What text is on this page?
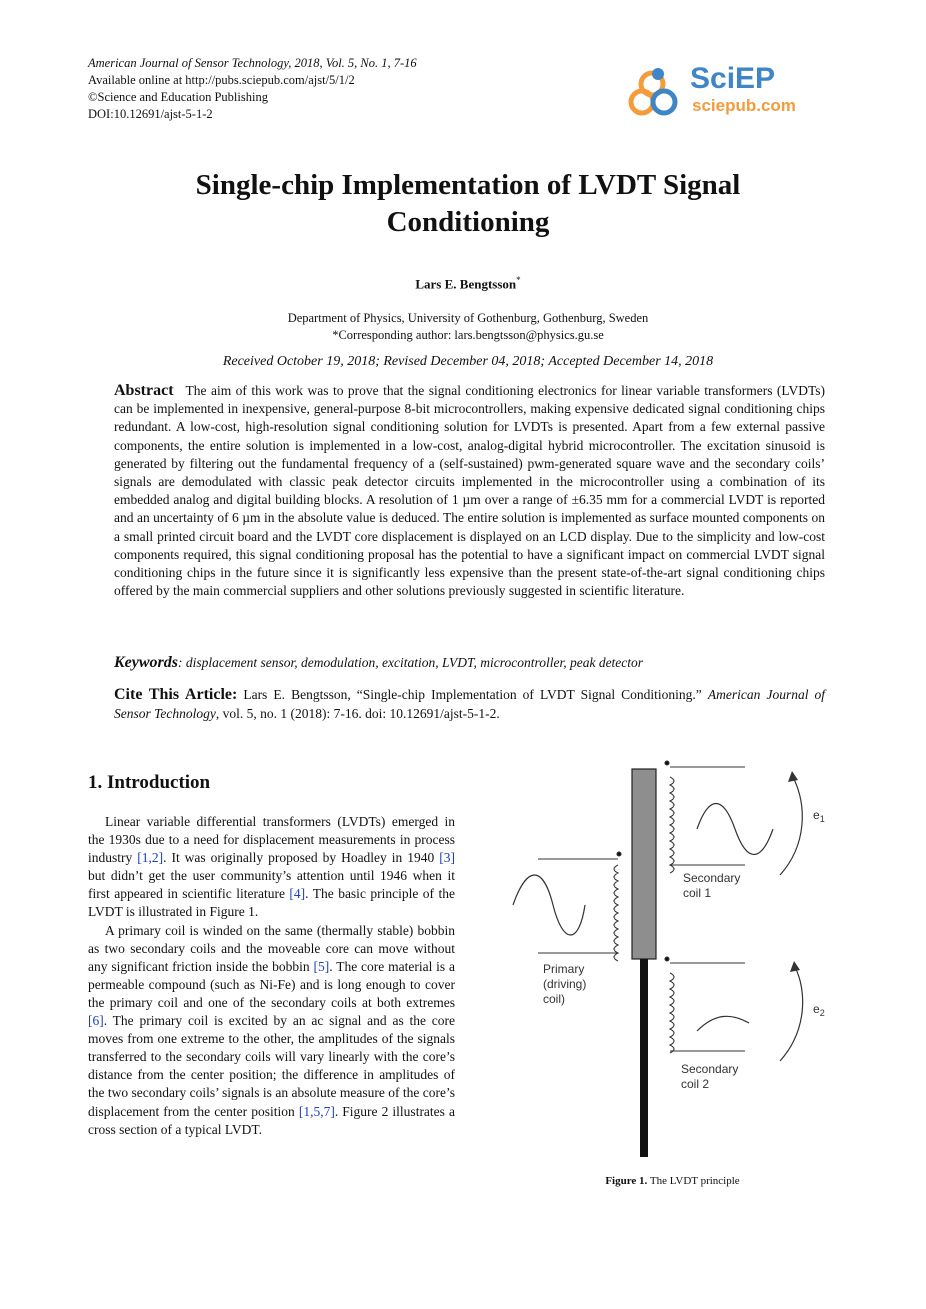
American Journal of Sensor Technology, 2018, Vol. 5, No. 1, 7-16
Available online at http://pubs.sciepub.com/ajst/5/1/2
©Science and Education Publishing
DOI:10.12691/ajst-5-1-2
SciEP
sciepub.com
Single-chip Implementation of LVDT Signal
Conditioning
Lars E. Bengtsson*
Department of Physics, University of Gothenburg, Gothenburg, Sweden
*Corresponding author: lars.bengtsson@physics.gu.se
Received October 19, 2018; Revised December 04, 2018; Accepted December 14, 2018
Abstract The aim of this work was to prove that the signal conditioning electronics for linear variable transformers (LVDTs) can be implemented in inexpensive, general-purpose 8-bit microcontrollers, making expensive dedicated signal conditioning chips redundant. A low-cost, high-resolution signal conditioning solution for LVDTs is presented. Apart from a few external passive components, the entire solution is implemented in a low-cost, analog-digital hybrid microcontroller. The excitation sinusoid is generated by filtering out the fundamental frequency of a (self-sustained) pwm-generated square wave and the secondary coils’ signals are demodulated with classic peak detector circuits implemented in the microcontroller using a combination of its embedded analog and digital building blocks. A resolution of 1 µm over a range of ±6.35 mm for a commercial LVDT is reported and an uncertainty of 6 µm in the absolute value is deduced. The entire solution is implemented as surface mounted components on a small printed circuit board and the LVDT core displacement is displayed on an LCD display. Due to the simplicity and low-cost components required, this signal conditioning proposal has the potential to have a significant impact on commercial LVDT signal conditioning chips in the future since it is significantly less expensive than the present state-of-the-art signal conditioning chips offered by the main commercial suppliers and other solutions previously suggested in scientific literature.
Keywords: displacement sensor, demodulation, excitation, LVDT, microcontroller, peak detector
Cite This Article: Lars E. Bengtsson, “Single-chip Implementation of LVDT Signal Conditioning.” American Journal of Sensor Technology, vol. 5, no. 1 (2018): 7-16. doi: 10.12691/ajst-5-1-2.
1. Introduction

Linear variable differential transformers (LVDTs) emerged in the 1930s due to a need for displacement measurements in process industry [1,2]. It was originally proposed by Hoadley in 1940 [3] but didn’t get the user community’s attention until 1946 when it first appeared in scientific literature [4]. The basic principle of the LVDT is illustrated in Figure 1.

A primary coil is winded on the same (thermally stable) bobbin as two secondary coils and the moveable core can move without any significant friction inside the bobbin [5]. The core material is a permeable compound (such as Ni-Fe) and is long enough to cover the primary coil and one of the secondary coils at both extremes [6]. The primary coil is excited by an ac signal and as the core moves from one extreme to the other, the amplitudes of the signals transferred to the secondary coils will vary linearly with the core’s distance from the center position; the difference in amplitudes of the two secondary coils’ signals is an absolute measure of the core’s displacement from the center position [1,5,7]. Figure 2 illustrates a cross section of a typical LVDT.

$e_1$
$e_2$
Secondary
coil 1
Primary
(driving)
coil)
Secondary
coil 2
Figure 1. The LVDT principle
